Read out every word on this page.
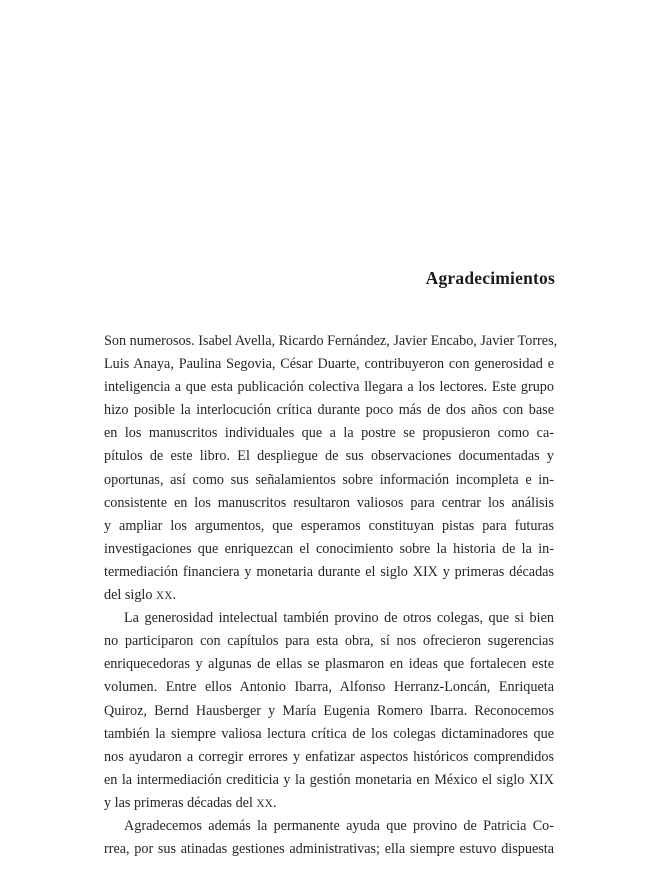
Agradecimientos
Son numerosos. Isabel Avella, Ricardo Fernández, Javier Encabo, Javier Torres,
Luis Anaya, Paulina Segovia, César Duarte, contribuyeron con generosidad e
inteligencia a que esta publicación colectiva llegara a los lectores. Este grupo
hizo posible la interlocución crítica durante poco más de dos años con base
en los manuscritos individuales que a la postre se propusieron como ca-
pítulos de este libro. El despliegue de sus observaciones documentadas y
oportunas, así como sus señalamientos sobre información incompleta e in-
consistente en los manuscritos resultaron valiosos para centrar los análisis
y ampliar los argumentos, que esperamos constituyan pistas para futuras
investigaciones que enriquezcan el conocimiento sobre la historia de la in-
termediación financiera y monetaria durante el siglo XIX y primeras décadas
del siglo XX.
La generosidad intelectual también provino de otros colegas, que si bien
no participaron con capítulos para esta obra, sí nos ofrecieron sugerencias
enriquecedoras y algunas de ellas se plasmaron en ideas que fortalecen este
volumen. Entre ellos Antonio Ibarra, Alfonso Herranz-Loncán, Enriqueta
Quiroz, Bernd Hausberger y María Eugenia Romero Ibarra. Reconocemos
también la siempre valiosa lectura crítica de los colegas dictaminadores que
nos ayudaron a corregir errores y enfatizar aspectos históricos comprendidos
en la intermediación crediticia y la gestión monetaria en México el siglo XIX
y las primeras décadas del XX.
Agradecemos además la permanente ayuda que provino de Patricia Co-
rrea, por sus atinadas gestiones administrativas; ella siempre estuvo dispuesta
